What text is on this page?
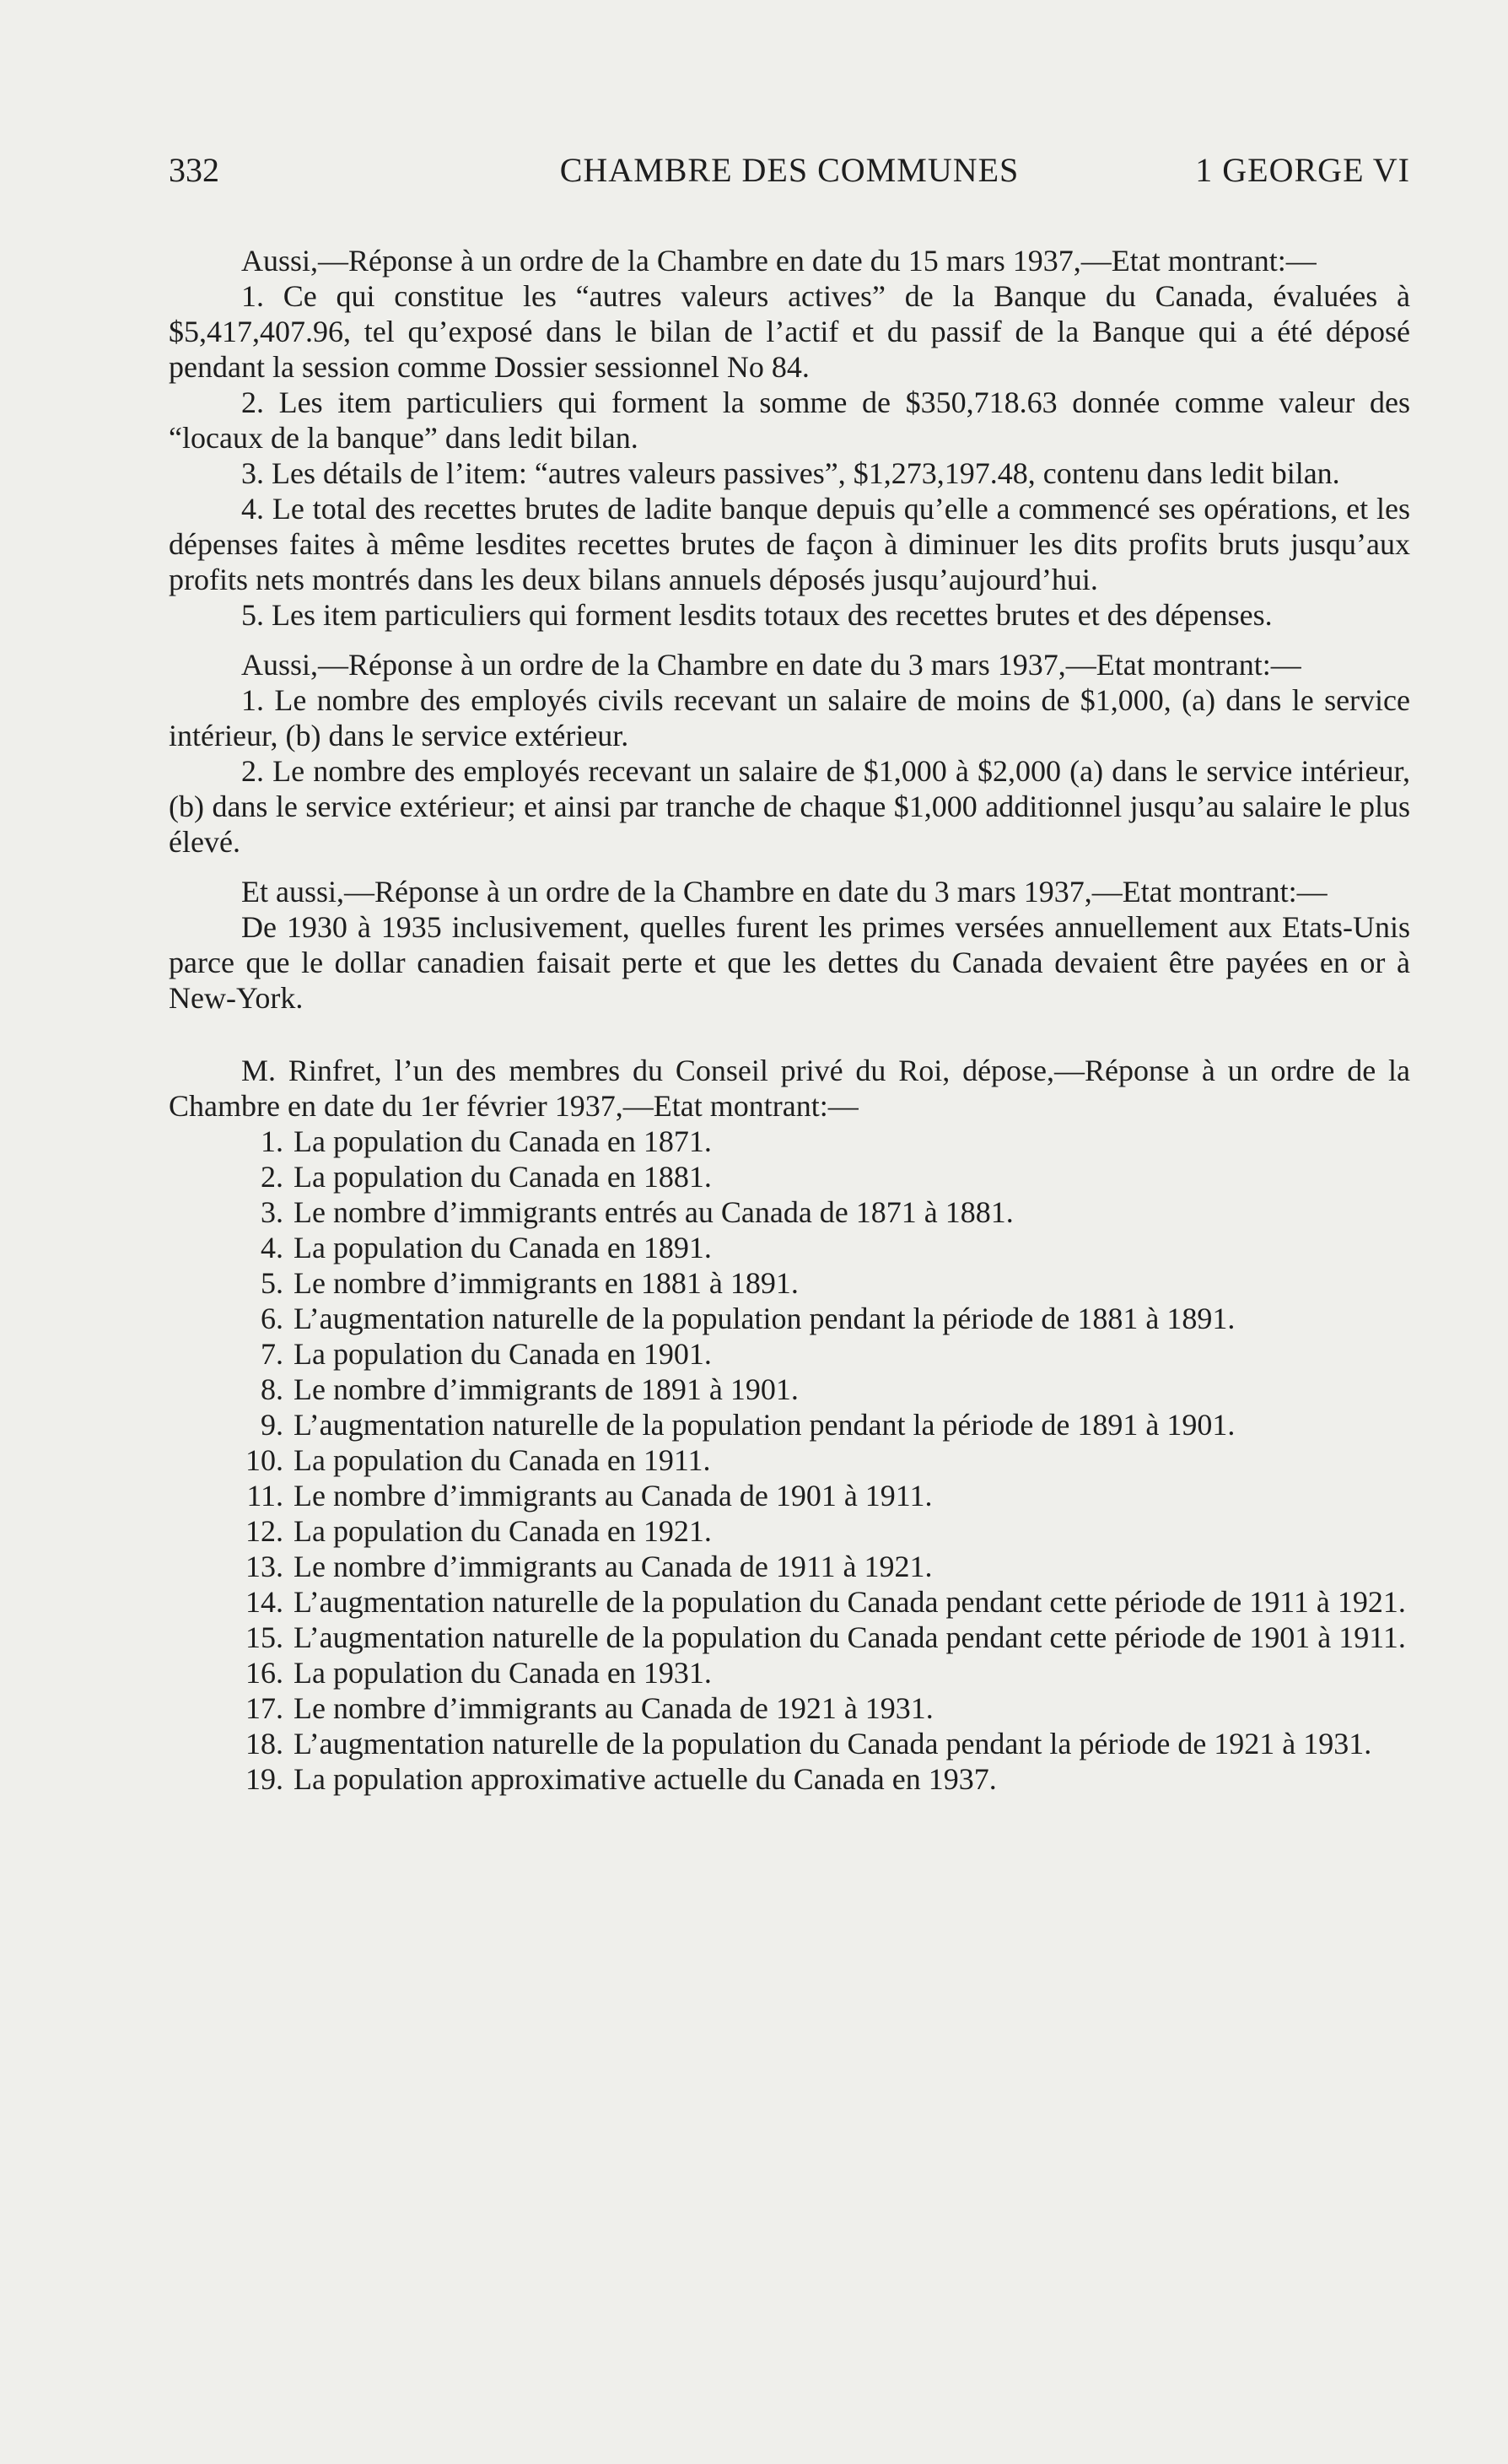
332	CHAMBRE DES COMMUNES	1 GEORGE VI

Aussi,—Réponse à un ordre de la Chambre en date du 15 mars 1937,—Etat montrant:—

1. Ce qui constitue les “autres valeurs actives” de la Banque du Canada, évaluées à $5,417,407.96, tel qu’exposé dans le bilan de l’actif et du passif de la Banque qui a été déposé pendant la session comme Dossier sessionnel No 84.

2. Les item particuliers qui forment la somme de $350,718.63 donnée comme valeur des “locaux de la banque” dans ledit bilan.

3. Les détails de l’item: “autres valeurs passives”, $1,273,197.48, contenu dans ledit bilan.

4. Le total des recettes brutes de ladite banque depuis qu’elle a commencé ses opérations, et les dépenses faites à même lesdites recettes brutes de façon à diminuer les dits profits bruts jusqu’aux profits nets montrés dans les deux bilans annuels déposés jusqu’aujourd’hui.

5. Les item particuliers qui forment lesdits totaux des recettes brutes et des dépenses.

Aussi,—Réponse à un ordre de la Chambre en date du 3 mars 1937,—Etat montrant:—

1. Le nombre des employés civils recevant un salaire de moins de $1,000, (a) dans le service intérieur, (b) dans le service extérieur.

2. Le nombre des employés recevant un salaire de $1,000 à $2,000 (a) dans le service intérieur, (b) dans le service extérieur; et ainsi par tranche de chaque $1,000 additionnel jusqu’au salaire le plus élevé.

Et aussi,—Réponse à un ordre de la Chambre en date du 3 mars 1937,—Etat montrant:—

De 1930 à 1935 inclusivement, quelles furent les primes versées annuellement aux Etats-Unis parce que le dollar canadien faisait perte et que les dettes du Canada devaient être payées en or à New-York.

M. Rinfret, l’un des membres du Conseil privé du Roi, dépose,—Réponse à un ordre de la Chambre en date du 1er février 1937,—Etat montrant:—

1. La population du Canada en 1871.
2. La population du Canada en 1881.
3. Le nombre d’immigrants entrés au Canada de 1871 à 1881.
4. La population du Canada en 1891.
5. Le nombre d’immigrants en 1881 à 1891.
6. L’augmentation naturelle de la population pendant la période de 1881 à 1891.
7. La population du Canada en 1901.
8. Le nombre d’immigrants de 1891 à 1901.
9. L’augmentation naturelle de la population pendant la période de 1891 à 1901.
10. La population du Canada en 1911.
11. Le nombre d’immigrants au Canada de 1901 à 1911.
12. La population du Canada en 1921.
13. Le nombre d’immigrants au Canada de 1911 à 1921.
14. L’augmentation naturelle de la population du Canada pendant cette période de 1911 à 1921.
15. L’augmentation naturelle de la population du Canada pendant cette période de 1901 à 1911.
16. La population du Canada en 1931.
17. Le nombre d’immigrants au Canada de 1921 à 1931.
18. L’augmentation naturelle de la population du Canada pendant la période de 1921 à 1931.
19. La population approximative actuelle du Canada en 1937.
